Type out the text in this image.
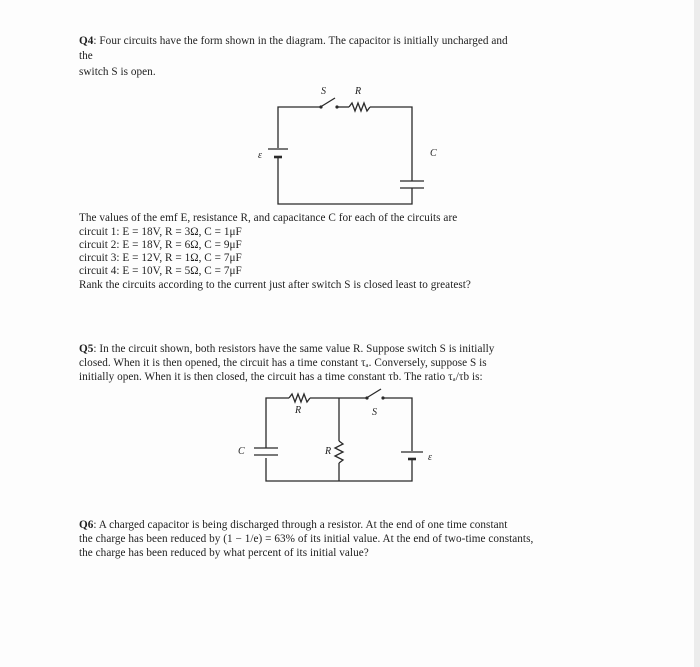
Q4: Four circuits have the form shown in the diagram. The capacitor is initially uncharged and
the
switch S is open.
S	R
ε	C
The values of the emf E, resistance R, and capacitance C for each of the circuits are
circuit 1: E = 18V, R = 3Ω, C = 1μF
circuit 2: E = 18V, R = 6Ω, C = 9μF
circuit 3: E = 12V, R = 1Ω, C = 7μF
circuit 4: E = 10V, R = 5Ω, C = 7μF
Rank the circuits according to the current just after switch S is closed least to greatest?
Q5: In the circuit shown, both resistors have the same value R. Suppose switch S is initially
closed. When it is then opened, the circuit has a time constant τₐ. Conversely, suppose S is
initially open. When it is then closed, the circuit has a time constant τb. The ratio τₐ/τb is:
R
R
S
C
ε
Q6: A charged capacitor is being discharged through a resistor. At the end of one time constant
the charge has been reduced by (1 − 1/e) = 63% of its initial value. At the end of two-time constants,
the charge has been reduced by what percent of its initial value?
